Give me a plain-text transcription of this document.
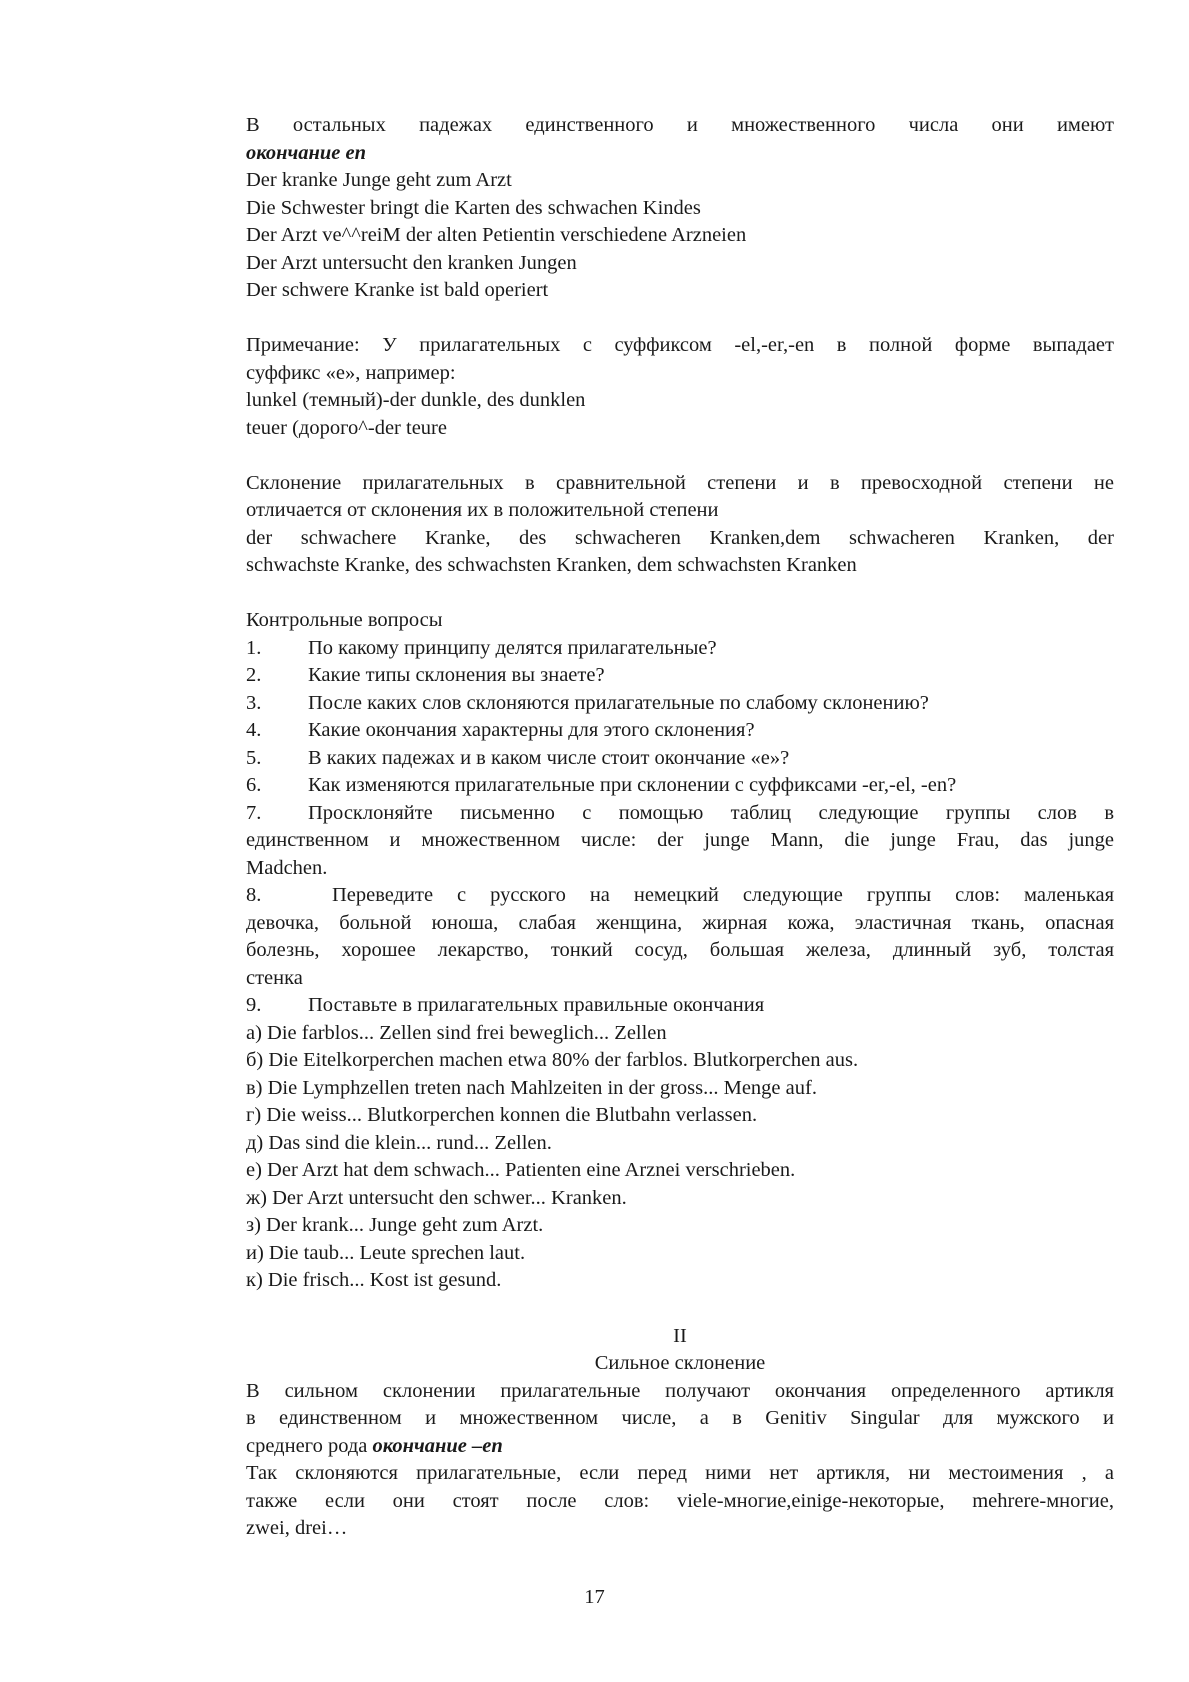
В остальных падежах единственного и множественного числа они имеют
окончание en
Der kranke Junge geht zum Arzt
Die Schwester bringt die Karten des schwachen Kindes
Der Arzt ve^^reiM der alten Petientin verschiedene Arzneien
Der Arzt untersucht den kranken Jungen
Der schwere Kranke ist bald operiert
Примечание: У прилагательных с суффиксом -el,-er,-en в полной форме выпадает
суффикс «е», например:
lunkel (темный)-der dunkle, des dunklen
teuer (дорого^-der teure
Склонение прилагательных в сравнительной степени и в превосходной степени не
отличается от склонения их в положительной степени
der schwachere Kranke, des schwacheren Kranken,dem schwacheren Kranken, der
schwachste Kranke, des schwachsten Kranken, dem schwachsten Kranken
Контрольные вопросы
1. По какому принципу делятся прилагательные?
2. Какие типы склонения вы знаете?
3. После каких слов склоняются прилагательные по слабому склонению?
4. Какие окончания характерны для этого склонения?
5. В каких падежах и в каком числе стоит окончание «е»?
6. Как изменяются прилагательные при склонении с суффиксами -er,-el, -en?
7. Просклоняйте письменно с помощью таблиц следующие группы слов в
единственном и множественном числе: der junge Mann, die junge Frau, das junge
Madchen.
8. Переведите с русского на немецкий следующие группы слов: маленькая
девочка, больной юноша, слабая женщина, жирная кожа, эластичная ткань, опасная
болезнь, хорошее лекарство, тонкий сосуд, большая железа, длинный зуб, толстая
стенка
9. Поставьте в прилагательных правильные окончания
а) Die farblos... Zellen sind frei beweglich... Zellen
б) Die Eitelkorperchen machen etwa 80% der farblos. Blutkorperchen aus.
в) Die Lymphzellen treten nach Mahlzeiten in der gross... Menge auf.
г) Die weiss... Blutkorperchen konnen die Blutbahn verlassen.
д) Das sind die klein... rund... Zellen.
е) Der Arzt hat dem schwach... Patienten eine Arznei verschrieben.
ж) Der Arzt untersucht den schwer... Kranken.
з) Der krank... Junge geht zum Arzt.
и) Die taub... Leute sprechen laut.
к) Die frisch... Kost ist gesund.
II
Сильное склонение
В сильном склонении прилагательные получают окончания определенного артикля
в единственном и множественном числе, а в Genitiv Singular для мужского и
среднего рода окончание –en
Так склоняются прилагательные, если перед ними нет артикля, ни местоимения , а
также если они стоят после слов: viele-многие,einige-некоторые, mehrere-многие,
zwei, drei…
17
